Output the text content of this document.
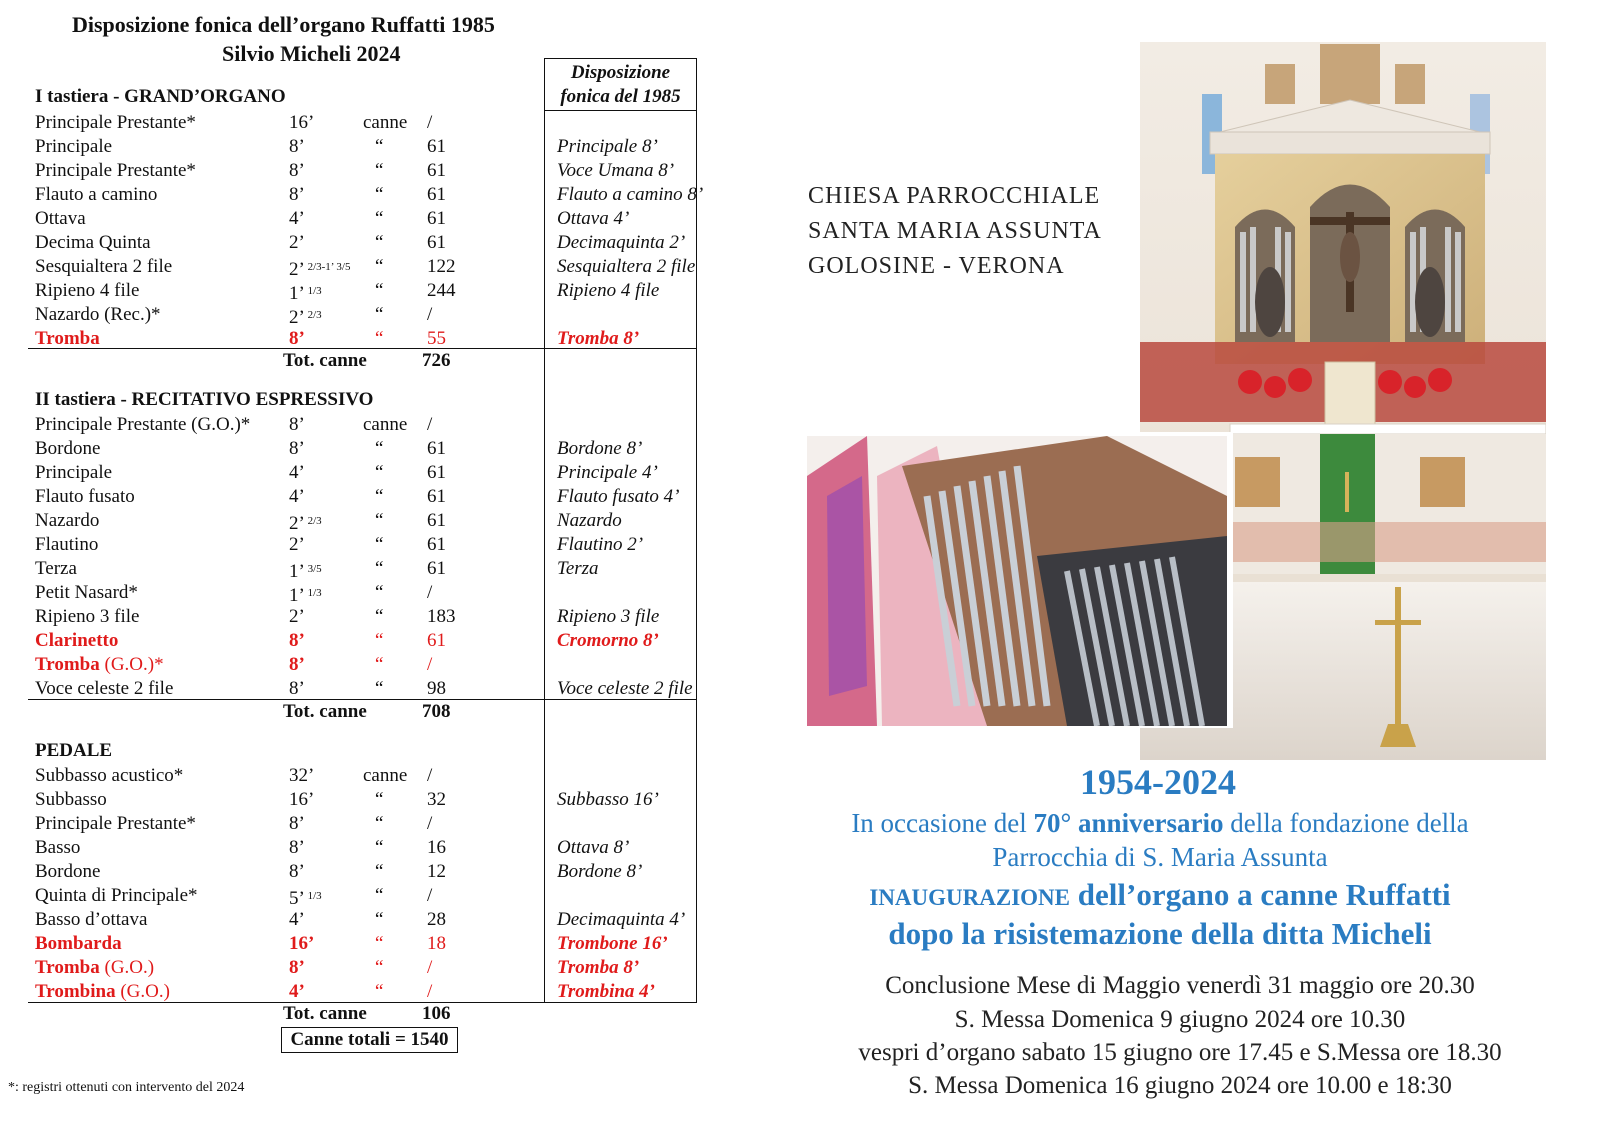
Disposizione fonica dell’organo Ruffatti 1985
Silvio Micheli 2024
Disposizione
fonica del 1985
I tastiera - GRAND’ORGANO
Principale Prestante*	16’	canne /
Principale	8’	“ 61	Principale 8’
Principale Prestante*	8’	“ 61	Voce Umana 8’
Flauto a camino	8’	“ 61	Flauto a camino 8’
Ottava	4’	“ 61	Ottava 4’
Decima Quinta	2’	“ 61	Decimaquinta 2’
Sesquialtera 2 file	2’ $^{2/3-1’ 3/5}$ “ 122	Sesquialtera 2 file
Ripieno 4 file	1’ $^{1/3}$	“ 244	Ripieno 4 file
Nazardo (Rec.)*	2’ $^{2/3}$	“ /
Tromba	8’	“ 55	Tromba 8’
Tot. canne	726
II tastiera - RECITATIVO ESPRESSIVO
Principale Prestante (G.O.)* 8’	canne /
Bordone	8’	“ 61	Bordone 8’
Principale	4’	“ 61	Principale 4’
Flauto fusato	4’	“ 61	Flauto fusato 4’
Nazardo	2’ $^{2/3}$	“ 61	Nazardo
Flautino	2’	“ 61	Flautino 2’
Terza	1’ $^{3/5}$	“ 61	Terza
Petit Nasard*	1’ $^{1/3}$	“ /
Ripieno 3 file	2’	“ 183	Ripieno 3 file
Clarinetto	8’	“ 61	Cromorno 8’
Tromba (G.O.)*	8’	“ /
Voce celeste 2 file	8’	“ 98	Voce celeste 2 file
Tot. canne	708
PEDALE
Subbasso acustico*	32’	canne /
Subbasso	16’	“ 32	Subbasso 16’
Principale Prestante*	8’	“ /
Basso	8’	“ 16	Ottava 8’
Bordone	8’	“ 12	Bordone 8’
Quinta di Principale*	5’ $^{1/3}$	“ /
Basso d’ottava	4’	“ 28	Decimaquinta 4’
Bombarda	16’	“ 18	Trombone 16’
Tromba (G.O.)	8’	“ /	Tromba 8’
Trombina (G.O.)	4’	“ /	Trombina 4’
Tot. canne	106
Canne totali = 1540
*: registri ottenuti con intervento del 2024
CHIESA PARROCCHIALE
SANTA MARIA ASSUNTA
GOLOSINE - VERONA
1954-2024
In occasione del 70° anniversario della fondazione della
Parrocchia di S. Maria Assunta
INAUGURAZIONE dell’organo a canne Ruffatti
dopo la risistemazione della ditta Micheli
Conclusione Mese di Maggio venerdì 31 maggio ore 20.30
S. Messa Domenica 9 giugno 2024 ore 10.30
vespri d’organo sabato 15 giugno ore 17.45 e S.Messa ore 18.30
S. Messa Domenica 16 giugno 2024 ore 10.00 e 18:30
